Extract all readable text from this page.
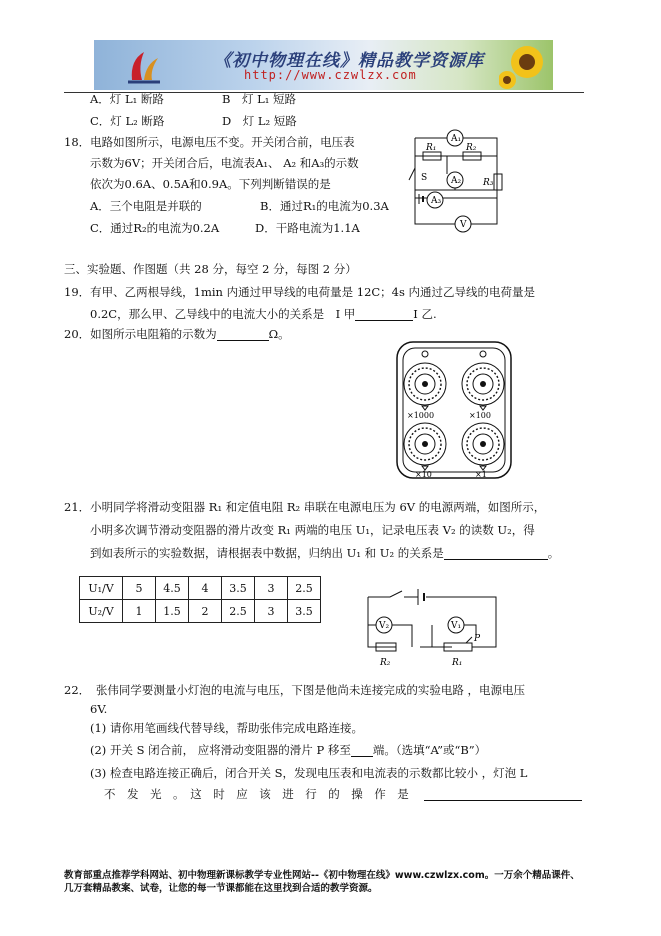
《初中物理在线》精品教学资源库
http://www.czwlzx.com
A．灯 L₁ 断路	B　灯 L₁ 短路
C．灯 L₂ 断路	D　灯 L₂ 短路
18．电路如图所示，电源电压不变。开关闭合前，电压表
示数为6V；开关闭合后，电流表A₁、 A₂ 和A₃的示数
依次为0.6A、0.5A和0.9A。下列判断错误的是
A．三个电阻是并联的	B．通过R₁的电流为0.3A
C．通过R₂的电流为0.2A	D．干路电流为1.1A
A₁
A₂
A₃
V
R₁	R₂
R₃
S
三、实验题、作图题（共 28 分，每空 2 分，每图 2 分）
19．有甲、乙两根导线，1min 内通过甲导线的电荷量是 12C；4s 内通过乙导线的电荷量是
0.2C，那么甲、乙导线中的电流大小的关系是　I 甲	I 乙.
20．如图所示电阻箱的示数为	Ω。
×1000	×100
×10	×1
21．小明同学将滑动变阻器 R₁ 和定值电阻 R₂ 串联在电源电压为 6V 的电源两端，如图所示，
小明多次调节滑动变阻器的滑片改变 R₁ 两端的电压 U₁，记录电压表 V₂ 的读数 U₂，得
到如表所示的实验数据，请根据表中数据，归纳出 U₁ 和 U₂ 的关系是	。
U₁/V	5	4.5	4	3.5	3	2.5
U₂/V	1	1.5	2	2.5	3	3.5
V₂	V₁
R₂	R₁
P
22．　张伟同学要测量小灯泡的电流与电压，下图是他尚未连接完成的实验电路 ，电源电压
6V.
(1) 请你用笔画线代替导线，帮助张伟完成电路连接。
(2) 开关 S 闭合前， 应将滑动变阻器的滑片 P 移至 端。（选填“A”或“B”）
(3) 检查电路连接正确后，闭合开关 S，发现电压表和电流表的示数都比较小 ，灯泡 L
不　发　光　。　这　时　应　该　进　行　的　操　作　是
教育部重点推荐学科网站、初中物理新课标教学专业性网站--《初中物理在线》www.czwlzx.com。一万余个精品课件、
几万套精品教案、试卷，让您的每一节课都能在这里找到合适的教学资源。
